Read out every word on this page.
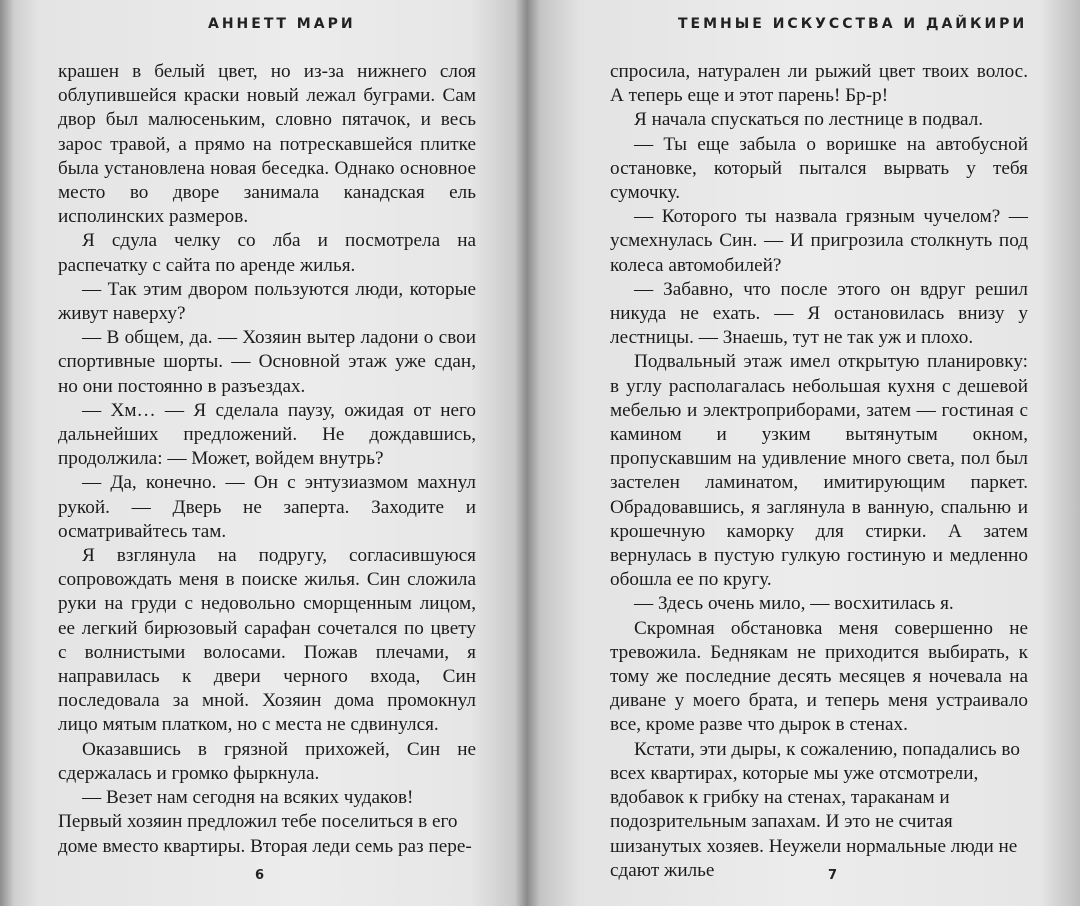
АННЕТТ МАРИ

крашен в белый цвет, но из-за нижнего слоя облупившейся краски новый лежал буграми. Сам двор был малюсеньким, словно пятачок, и весь зарос травой, а прямо на потрескавшейся плитке была установлена новая беседка. Однако основное место во дворе занимала канадская ель исполинских размеров.

Я сдула челку со лба и посмотрела на распечатку с сайта по аренде жилья.

— Так этим двором пользуются люди, которые живут наверху?

— В общем, да. — Хозяин вытер ладони о свои спортивные шорты. — Основной этаж уже сдан, но они постоянно в разъездах.

— Хм… — Я сделала паузу, ожидая от него дальнейших предложений. Не дождавшись, продолжила: — Может, войдем внутрь?

— Да, конечно. — Он с энтузиазмом махнул рукой. — Дверь не заперта. Заходите и осматривайтесь там.

Я взглянула на подругу, согласившуюся сопровождать меня в поиске жилья. Син сложила руки на груди с недовольно сморщенным лицом, ее легкий бирюзовый сарафан сочетался по цвету с волнистыми волосами. Пожав плечами, я направилась к двери черного входа, Син последовала за мной. Хозяин дома промокнул лицо мятым платком, но с места не сдвинулся.

Оказавшись в грязной прихожей, Син не сдержалась и громко фыркнула.

— Везет нам сегодня на всяких чудаков! Первый хозяин предложил тебе поселиться в его доме вместо квартиры. Вторая леди семь раз пере-

6
ТЕМНЫЕ ИСКУССТВА И ДАЙКИРИ

спросила, натурален ли рыжий цвет твоих волос. А теперь еще и этот парень! Бр-р!

Я начала спускаться по лестнице в подвал.

— Ты еще забыла о воришке на автобусной остановке, который пытался вырвать у тебя сумочку.

— Которого ты назвала грязным чучелом? — усмехнулась Син. — И пригрозила столкнуть под колеса автомобилей?

— Забавно, что после этого он вдруг решил никуда не ехать. — Я остановилась внизу у лестницы. — Знаешь, тут не так уж и плохо.

Подвальный этаж имел открытую планировку: в углу располагалась небольшая кухня с дешевой мебелью и электроприборами, затем — гостиная с камином и узким вытянутым окном, пропускавшим на удивление много света, пол был застелен ламинатом, имитирующим паркет. Обрадовавшись, я заглянула в ванную, спальню и крошечную каморку для стирки. А затем вернулась в пустую гулкую гостиную и медленно обошла ее по кругу.

— Здесь очень мило, — восхитилась я.

Скромная обстановка меня совершенно не тревожила. Беднякам не приходится выбирать, к тому же последние десять месяцев я ночевала на диване у моего брата, и теперь меня устраивало все, кроме разве что дырок в стенах.

Кстати, эти дыры, к сожалению, попадались во всех квартирах, которые мы уже отсмотрели, вдобавок к грибку на стенах, тараканам и подозрительным запахам. И это не считая шизанутых хозяев. Неужели нормальные люди не сдают жилье	7
